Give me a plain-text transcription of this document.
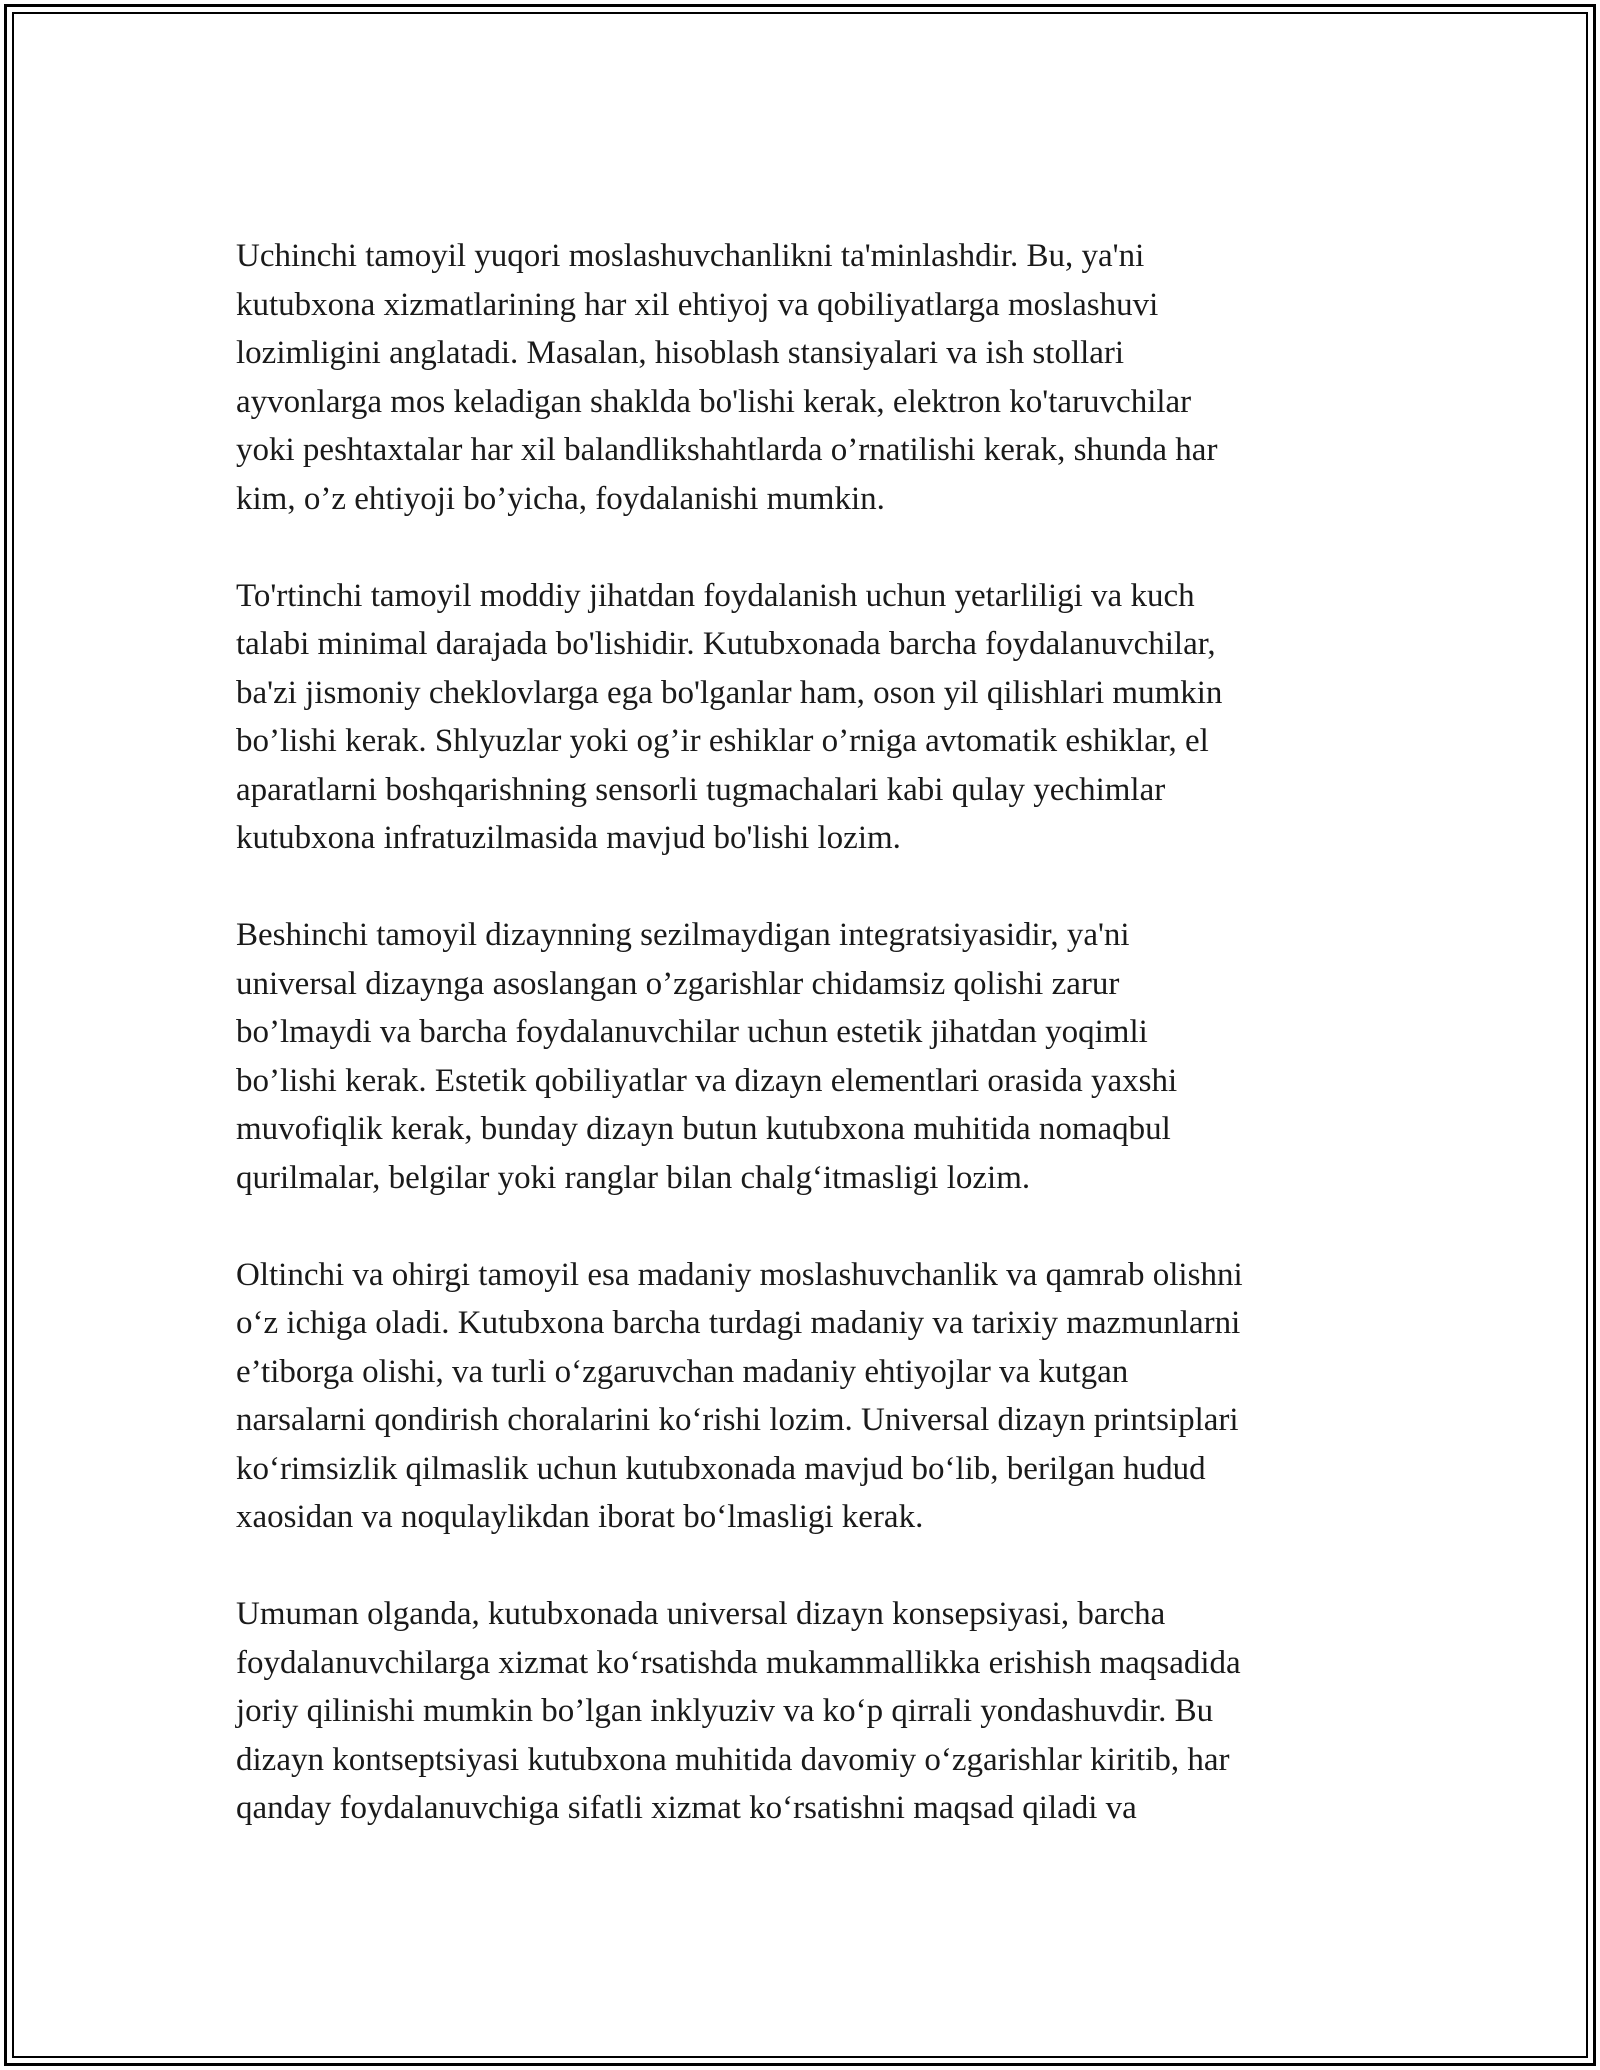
Uchinchi tamoyil yuqori moslashuvchanlikni ta'minlashdir. Bu, ya'ni
kutubxona xizmatlarining har xil ehtiyoj va qobiliyatlarga moslashuvi
lozimligini anglatadi. Masalan, hisoblash stansiyalari va ish stollari
ayvonlarga mos keladigan shaklda bo'lishi kerak, elektron ko'taruvchilar
yoki peshtaxtalar har xil balandlikshahtlarda o’rnatilishi kerak, shunda har
kim, o’z ehtiyoji bo’yicha, foydalanishi mumkin.

To'rtinchi tamoyil moddiy jihatdan foydalanish uchun yetarliligi va kuch
talabi minimal darajada bo'lishidir. Kutubxonada barcha foydalanuvchilar,
ba'zi jismoniy cheklovlarga ega bo'lganlar ham, oson yil qilishlari mumkin
bo’lishi kerak. Shlyuzlar yoki og’ir eshiklar o’rniga avtomatik eshiklar, el
aparatlarni boshqarishning sensorli tugmachalari kabi qulay yechimlar
kutubxona infratuzilmasida mavjud bo'lishi lozim.

Beshinchi tamoyil dizaynning sezilmaydigan integratsiyasidir, ya'ni
universal dizayngа asoslangan o’zgarishlar chidamsiz qolishi zarur
bo’lmaydi va barcha foydalanuvchilar uchun estetik jihatdan yoqimli
bo’lishi kerak. Estetik qobiliyatlar va dizayn elementlari orasida yaxshi
muvofiqlik kerak, bunday dizayn butun kutubxona muhitida nomaqbul
qurilmalar, belgilar yoki ranglar bilan chalg‘itmasligi lozim.

Oltinchi va ohirgi tamoyil esa madaniy moslashuvchanlik va qamrab olishni
o‘z ichiga oladi. Kutubxona barcha turdagi madaniy va tarixiy mazmunlarni
e’tiborga olishi, va turli o‘zgaruvchan madaniy ehtiyojlar va kutgan
narsalarni qondirish choralarini ko‘rishi lozim. Universal dizayn printsiplari
ko‘rimsizlik qilmaslik uchun kutubxonada mavjud bo‘lib, berilgan hudud
xaosidan va noqulaylikdan iborat bo‘lmasligi kerak.

Umuman olganda, kutubxonada universal dizayn konsepsiyasi, barcha
foydalanuvchilarga xizmat ko‘rsatishda mukammallikka erishish maqsadida
joriy qilinishi mumkin bo’lgan inklyuziv va ko‘p qirrali yondashuvdir. Bu
dizayn kontseptsiyasi kutubxona muhitida davomiy o‘zgarishlar kiritib, har
qanday foydalanuvchiga sifatli xizmat ko‘rsatishni maqsad qiladi va
